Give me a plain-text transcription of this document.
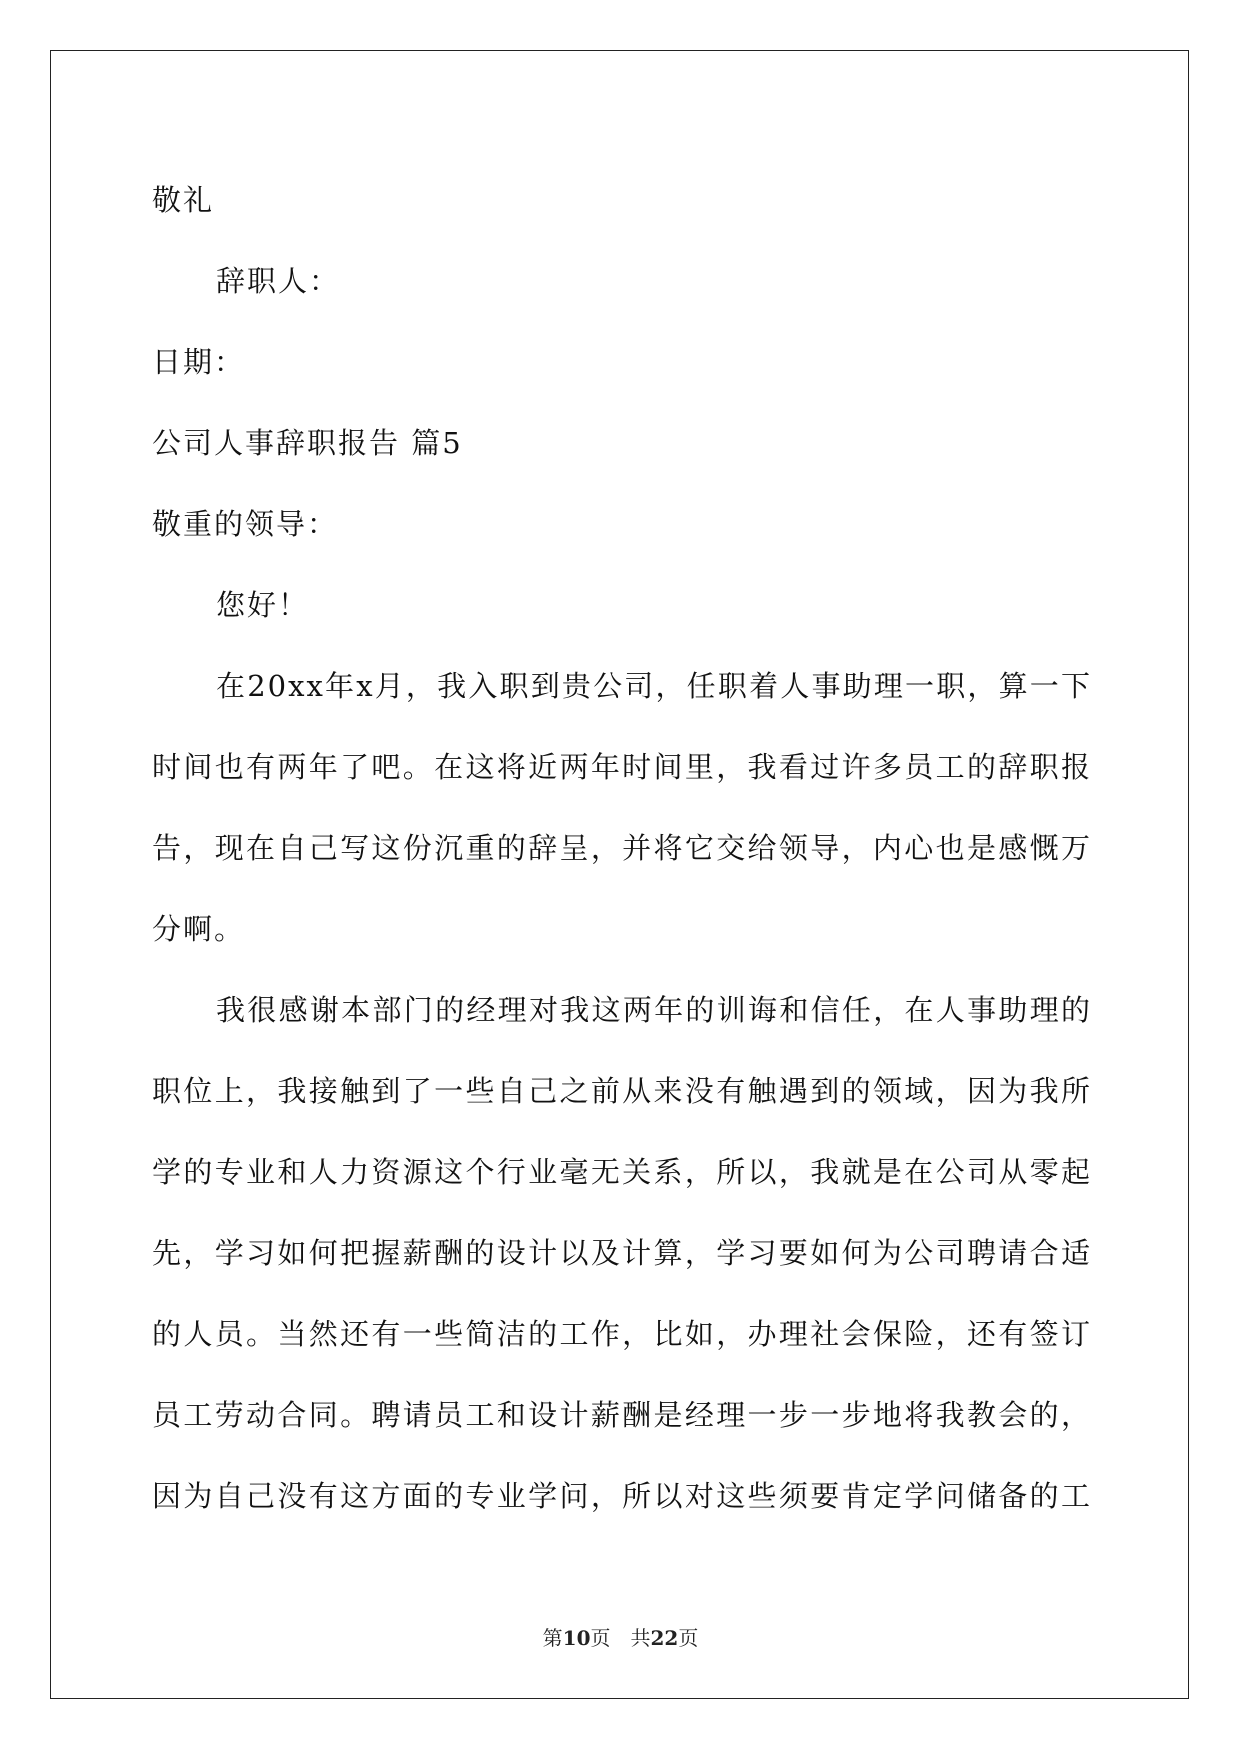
敬礼
辞职人：
日期：
公司人事辞职报告 篇5
敬重的领导：
您好！
在20xx年x月，我入职到贵公司，任职着人事助理一职，算一下
时间也有两年了吧。在这将近两年时间里，我看过许多员工的辞职报
告，现在自己写这份沉重的辞呈，并将它交给领导，内心也是感慨万
分啊。
我很感谢本部门的经理对我这两年的训诲和信任，在人事助理的
职位上，我接触到了一些自己之前从来没有触遇到的领域，因为我所
学的专业和人力资源这个行业毫无关系，所以，我就是在公司从零起
先，学习如何把握薪酬的设计以及计算，学习要如何为公司聘请合适
的人员。当然还有一些简洁的工作，比如，办理社会保险，还有签订
员工劳动合同。聘请员工和设计薪酬是经理一步一步地将我教会的，
因为自己没有这方面的专业学问，所以对这些须要肯定学问储备的工
第10页　共22页
